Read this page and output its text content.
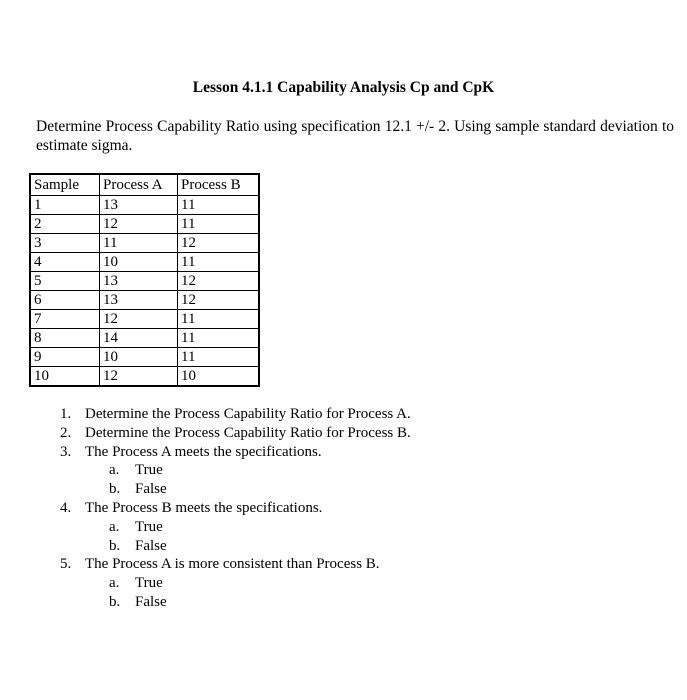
Lesson 4.1.1 Capability Analysis Cp and CpK

Determine Process Capability Ratio using specification 12.1 +/- 2. Using sample standard deviation to estimate sigma.

Sample	Process A	Process B
1	13	11
2	12	11
3	11	12
4	10	11
5	13	12
6	13	12
7	12	11
8	14	11
9	10	11
10	12	10
1. Determine the Process Capability Ratio for Process A.
2. Determine the Process Capability Ratio for Process B.
3. The Process A meets the specifications.
a.	True
b. False
4. The Process B meets the specifications.
a.	True
b. False
5. The Process A is more consistent than Process B.
a.	True
b. False
